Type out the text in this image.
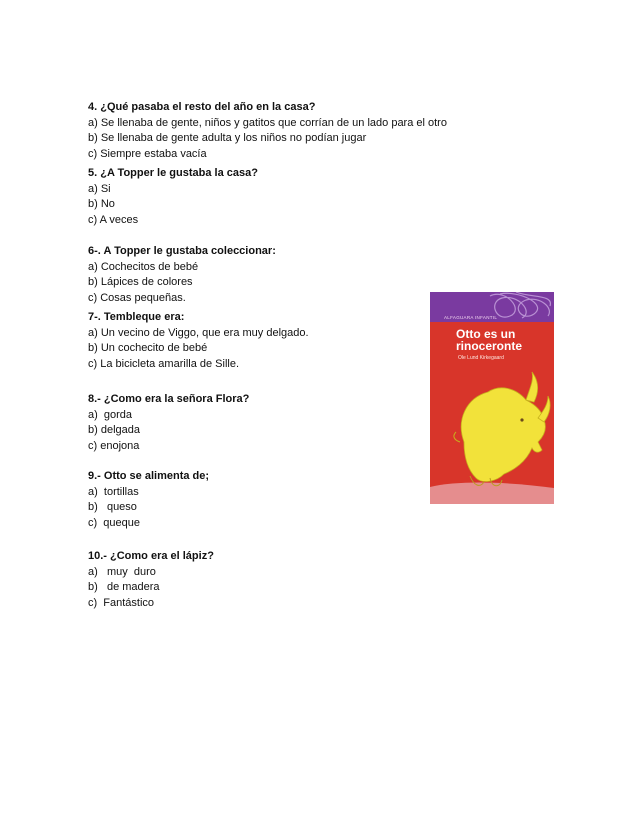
4. ¿Qué pasaba el resto del año en la casa?
a) Se llenaba de gente, niños y gatitos que corrían de un lado para el otro
b) Se llenaba de gente adulta y los niños no podían jugar
c) Siempre estaba vacía
5. ¿A Topper le gustaba la casa?
a) Si
b) No
c) A veces
6-. A Topper le gustaba coleccionar:
a) Cochecitos de bebé
b) Lápices de colores
c) Cosas pequeñas.
7-. Tembleque era:
a) Un vecino de Viggo, que era muy delgado.
b) Un cochecito de bebé
c) La bicicleta amarilla de Sille.
8.- ¿Como era la señora Flora?
a)  gorda
b) delgada
c) enojona
9.- Otto se alimenta de;
a)  tortillas
b)   queso
c)  queque
10.- ¿Como era el lápiz?
a)   muy  duro
b)   de madera
c)  Fantástico
ALFAGUARA INFANTIL
Otto es un rinoceronte
Ole Lund Kirkegaard
